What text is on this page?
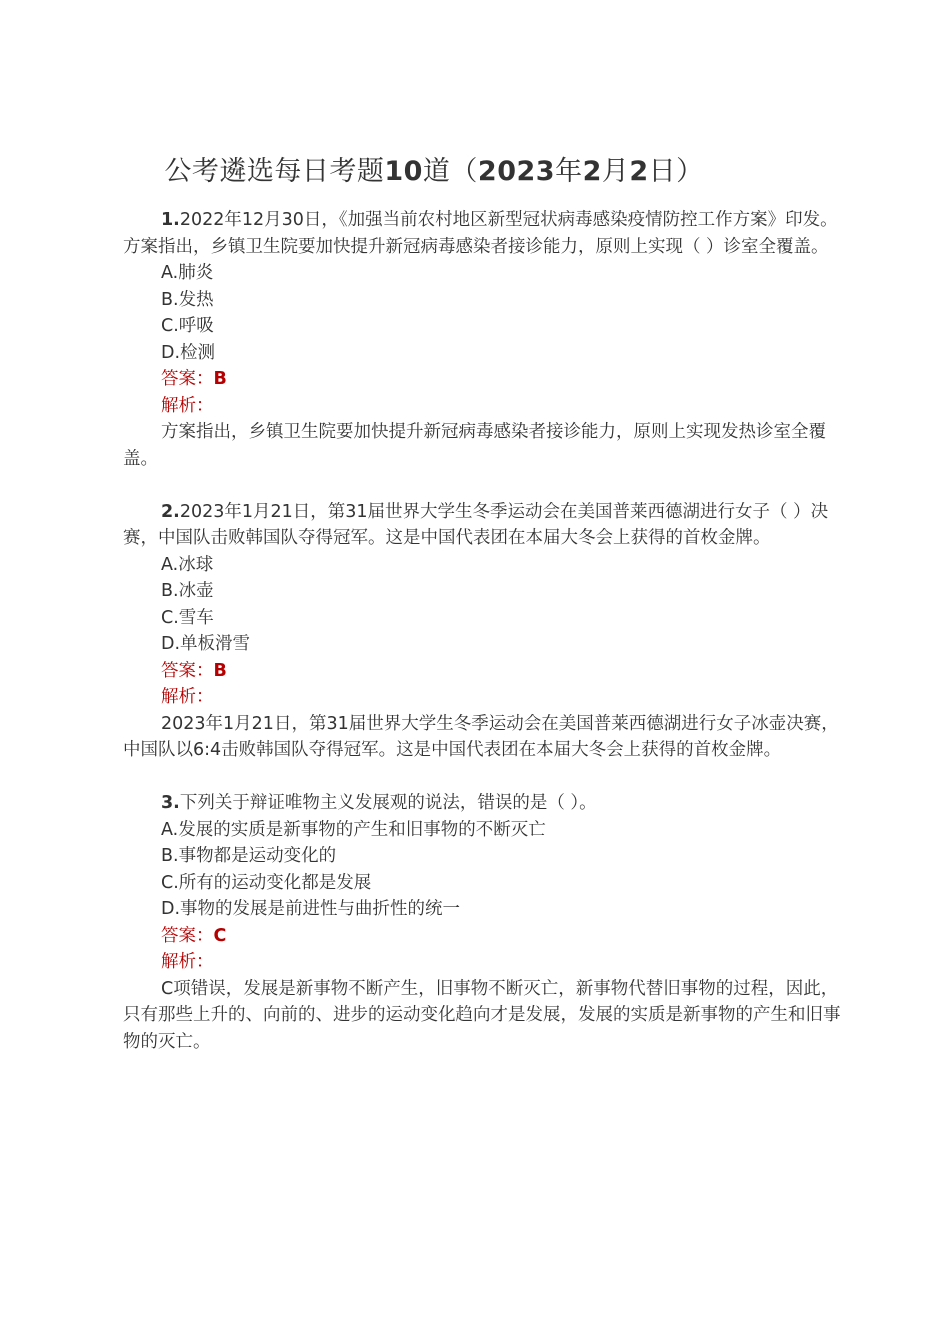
公考遴选每日考题10道（2023年2月2日）

1.2022年12月30日，《加强当前农村地区新型冠状病毒感染疫情防控工作方案》印发。方案指出，乡镇卫生院要加快提升新冠病毒感染者接诊能力，原则上实现（ ）诊室全覆盖。

A.肺炎

B.发热

C.呼吸

D.检测

答案：B

解析：

方案指出，乡镇卫生院要加快提升新冠病毒感染者接诊能力，原则上实现发热诊室全覆盖。

2.2023年1月21日，第31届世界大学生冬季运动会在美国普莱西德湖进行女子（ ）决赛，中国队击败韩国队夺得冠军。这是中国代表团在本届大冬会上获得的首枚金牌。

A.冰球

B.冰壶

C.雪车

D.单板滑雪

答案：B

解析：

2023年1月21日，第31届世界大学生冬季运动会在美国普莱西德湖进行女子冰壶决赛，中国队以6:4击败韩国队夺得冠军。这是中国代表团在本届大冬会上获得的首枚金牌。

3.下列关于辩证唯物主义发展观的说法，错误的是（ ）。

A.发展的实质是新事物的产生和旧事物的不断灭亡

B.事物都是运动变化的

C.所有的运动变化都是发展

D.事物的发展是前进性与曲折性的统一

答案：C

解析：

C项错误，发展是新事物不断产生，旧事物不断灭亡，新事物代替旧事物的过程，因此，只有那些上升的、向前的、进步的运动变化趋向才是发展，发展的实质是新事物的产生和旧事物的灭亡。
